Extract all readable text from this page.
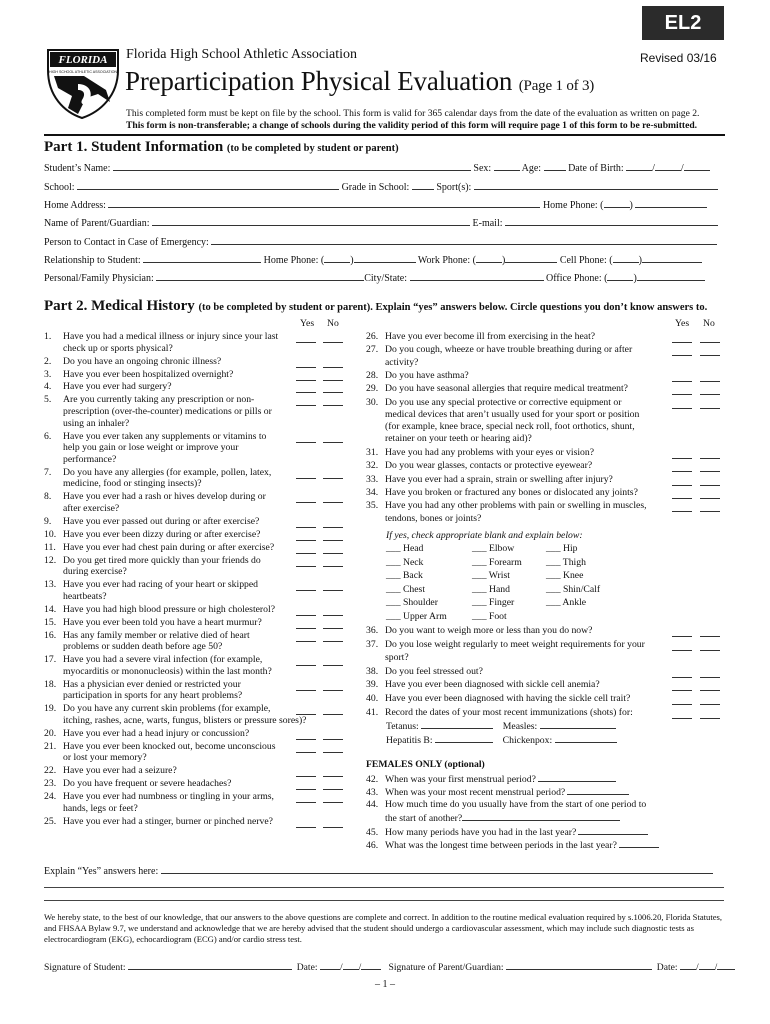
EL2
Revised 03/16
FLORIDA
HIGH SCHOOL ATHLETIC ASSOCIATION
Florida High School Athletic Association
Preparticipation Physical Evaluation (Page 1 of 3)
This completed form must be kept on file by the school. This form is valid for 365 calendar days from the date of the evaluation as written on page 2.
This form is non-transferable; a change of schools during the validity period of this form will require page 1 of this form to be re-submitted.
Part 1. Student Information (to be completed by student or parent)
Student’s Name:	Sex:	Age:	Date of Birth:	/	/
School:	Grade in School:	Sport(s):
Home Address:	Home Phone: (	)
Name of Parent/Guardian:	E-mail:
Person to Contact in Case of Emergency:
Relationship to Student:	Home Phone: (	)	Work Phone: (	)	Cell Phone: (	)
Personal/Family Physician:	City/State:	Office Phone: (	)
Part 2. Medical History (to be completed by student or parent). Explain “yes” answers below. Circle questions you don’t know answers to.
Yes No	Yes No
1. Have you had a medical illness or injury since your last
check up or sports physical?
2. Do you have an ongoing chronic illness?
3. Have you ever been hospitalized overnight?
4. Have you ever had surgery?
5. Are you currently taking any prescription or non-
prescription (over-the-counter) medications or pills or
using an inhaler?
6. Have you ever taken any supplements or vitamins to
help you gain or lose weight or improve your
performance?
7. Do you have any allergies (for example, pollen, latex,
medicine, food or stinging insects)?
8. Have you ever had a rash or hives develop during or
after exercise?
9. Have you ever passed out during or after exercise?
10. Have you ever been dizzy during or after exercise?
11. Have you ever had chest pain during or after exercise?
12. Do you get tired more quickly than your friends do
during exercise?
13. Have you ever had racing of your heart or skipped
heartbeats?
14. Have you had high blood pressure or high cholesterol?
15. Have you ever been told you have a heart murmur?
16. Has any family member or relative died of heart
problems or sudden death before age 50?
17. Have you had a severe viral infection (for example,
myocarditis or mononucleosis) within the last month?
18. Has a physician ever denied or restricted your
participation in sports for any heart problems?
19. Do you have any current skin problems (for example,
itching, rashes, acne, warts, fungus, blisters or pressure sores)?
20. Have you ever had a head injury or concussion?
21. Have you ever been knocked out, become unconscious
or lost your memory?
22. Have you ever had a seizure?
23. Do you have frequent or severe headaches?
24. Have you ever had numbness or tingling in your arms,
hands, legs or feet?
25. Have you ever had a stinger, burner or pinched nerve?
26. Have you ever become ill from exercising in the heat?
27. Do you cough, wheeze or have trouble breathing during or after
activity?
28. Do you have asthma?
29. Do you have seasonal allergies that require medical treatment?
30. Do you use any special protective or corrective equipment or
medical devices that aren’t usually used for your sport or position
(for example, knee brace, special neck roll, foot orthotics, shunt,
retainer on your teeth or hearing aid)?
31. Have you had any problems with your eyes or vision?
32. Do you wear glasses, contacts or protective eyewear?
33. Have you ever had a sprain, strain or swelling after injury?
34. Have you broken or fractured any bones or dislocated any joints?
35. Have you had any other problems with pain or swelling in muscles,
tendons, bones or joints?
If yes, check appropriate blank and explain below:
___ Head	___ Elbow	___ Hip
___ Neck	___ Forearm ___ Thigh
___ Back	___ Wrist	___ Knee
___ Chest	___ Hand	___ Shin/Calf
___ Shoulder	___ Finger	___ Ankle
___ Upper Arm	___ Foot
36. Do you want to weigh more or less than you do now?
37. Do you lose weight regularly to meet weight requirements for your
sport?
38. Do you feel stressed out?
39. Have you ever been diagnosed with sickle cell anemia?
40. Have you ever been diagnosed with having the sickle cell trait?
41. Record the dates of your most recent immunizations (shots) for:
Tetanus:	Measles:
Hepatitis B:	Chickenpox:
FEMALES ONLY (optional)
42. When was your first menstrual period?
43. When was your most recent menstrual period?
44. How much time do you usually have from the start of one period to
the start of another?
45. How many periods have you had in the last year?
46. What was the longest time between periods in the last year?
Explain “Yes” answers here:
We hereby state, to the best of our knowledge, that our answers to the above questions are complete and correct. In addition to the routine medical evaluation required by s.1006.20, Florida Statutes, and FHSAA Bylaw 9.7, we understand and acknowledge that we are hereby advised that the student should undergo a cardiovascular assessment, which may include such diagnostic tests as electrocardiogram (EKG), echocardiogram (ECG) and/or cardio stress test.
Signature of Student:	Date: / /	Signature of Parent/Guardian:	Date: / /
– 1 –
